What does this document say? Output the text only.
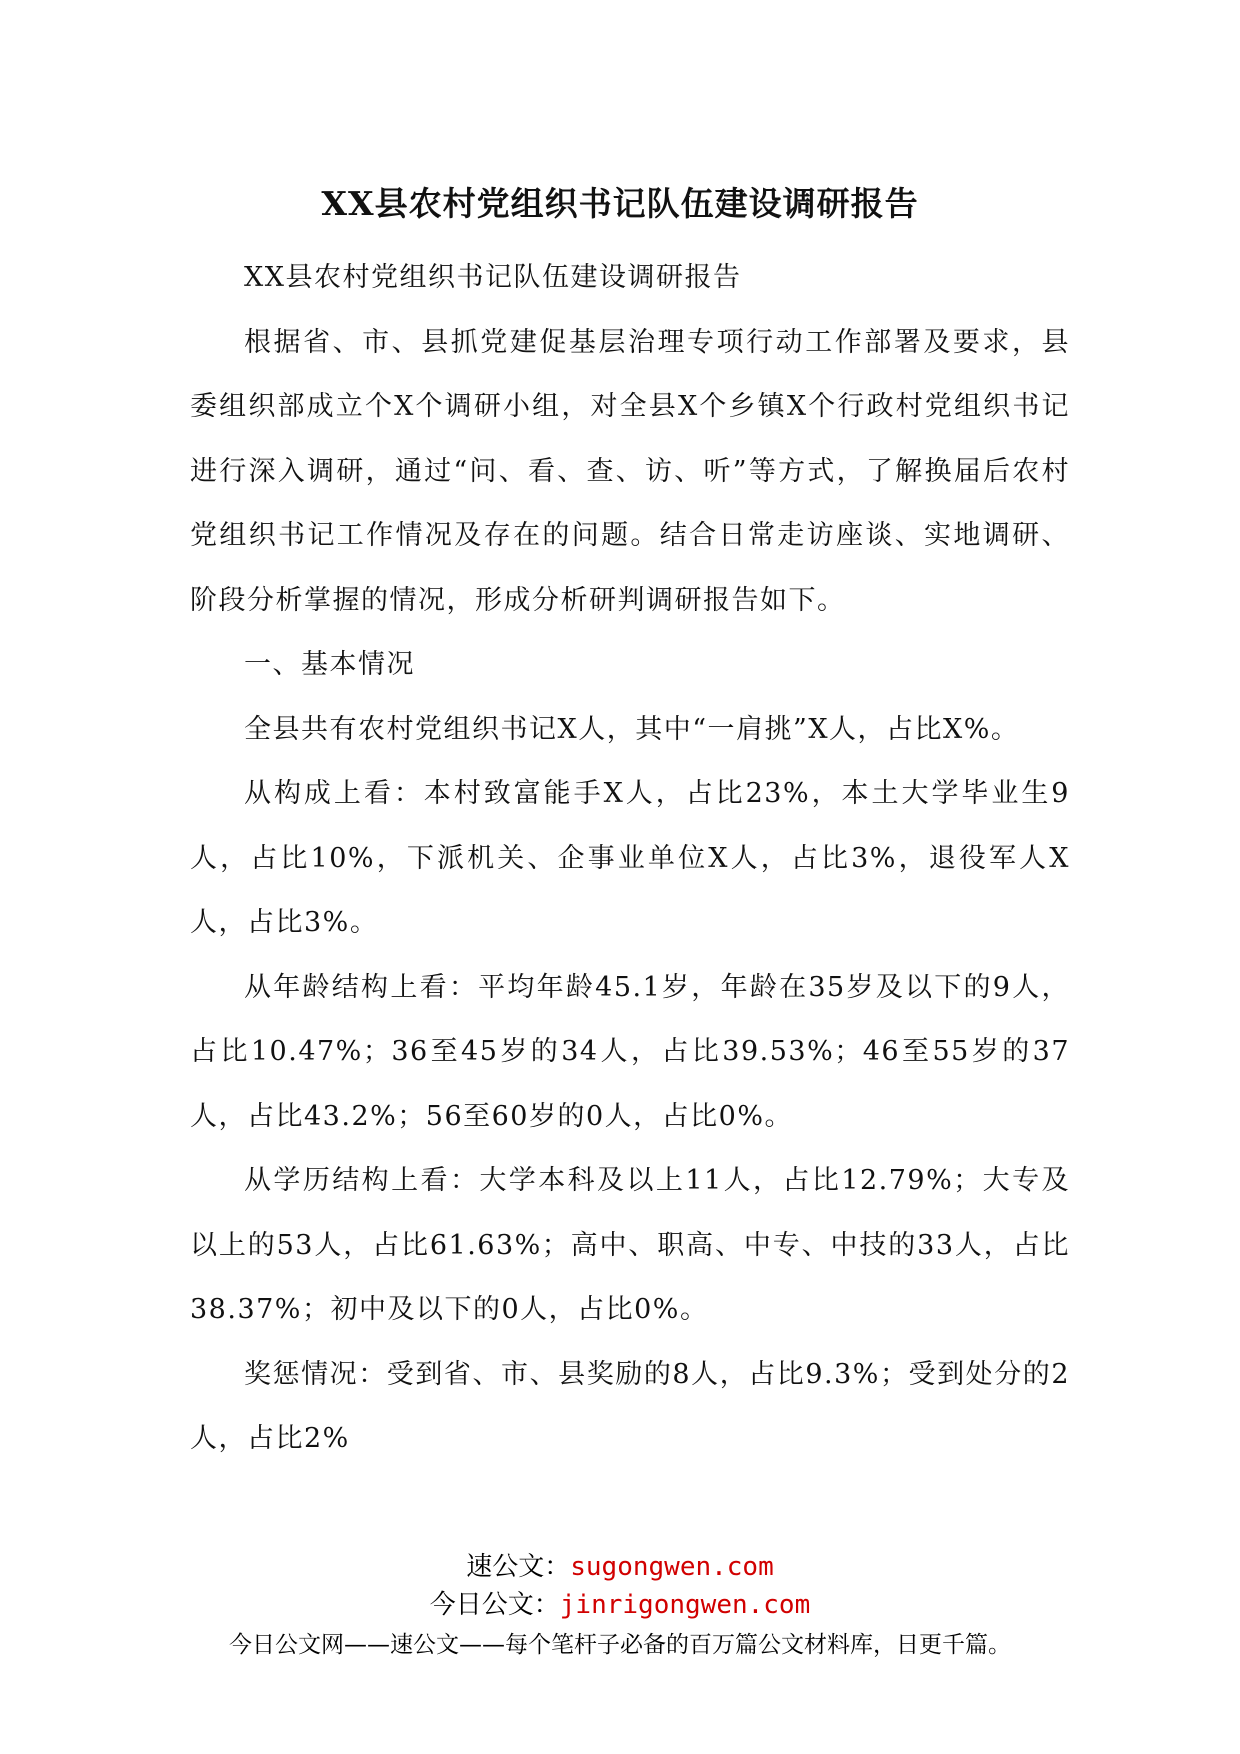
XX县农村党组织书记队伍建设调研报告

XX县农村党组织书记队伍建设调研报告

根据省、市、县抓党建促基层治理专项行动工作部署及要求，县委组织部成立个X个调研小组，对全县X个乡镇X个行政村党组织书记进行深入调研，通过“问、看、查、访、听”等方式，了解换届后农村党组织书记工作情况及存在的问题。结合日常走访座谈、实地调研、阶段分析掌握的情况，形成分析研判调研报告如下。

一、基本情况

全县共有农村党组织书记X人，其中“一肩挑”X人，占比X%。

从构成上看：本村致富能手X人，占比23%，本土大学毕业生9人，占比10%，下派机关、企事业单位X人，占比3%，退役军人X人，占比3%。

从年龄结构上看：平均年龄45.1岁，年龄在35岁及以下的9人，占比10.47%；36至45岁的34人，占比39.53%；46至55岁的37人，占比43.2%；56至60岁的0人，占比0%。

从学历结构上看：大学本科及以上11人，占比12.79%；大专及以上的53人，占比61.63%；高中、职高、中专、中技的33人，占比38.37%；初中及以下的0人，占比0%。

奖惩情况：受到省、市、县奖励的8人，占比9.3%；受到处分的2人，占比2%

速公文：sugongwen.com
今日公文：jinrigongwen.com
今日公文网——速公文——每个笔杆子必备的百万篇公文材料库，日更千篇。
